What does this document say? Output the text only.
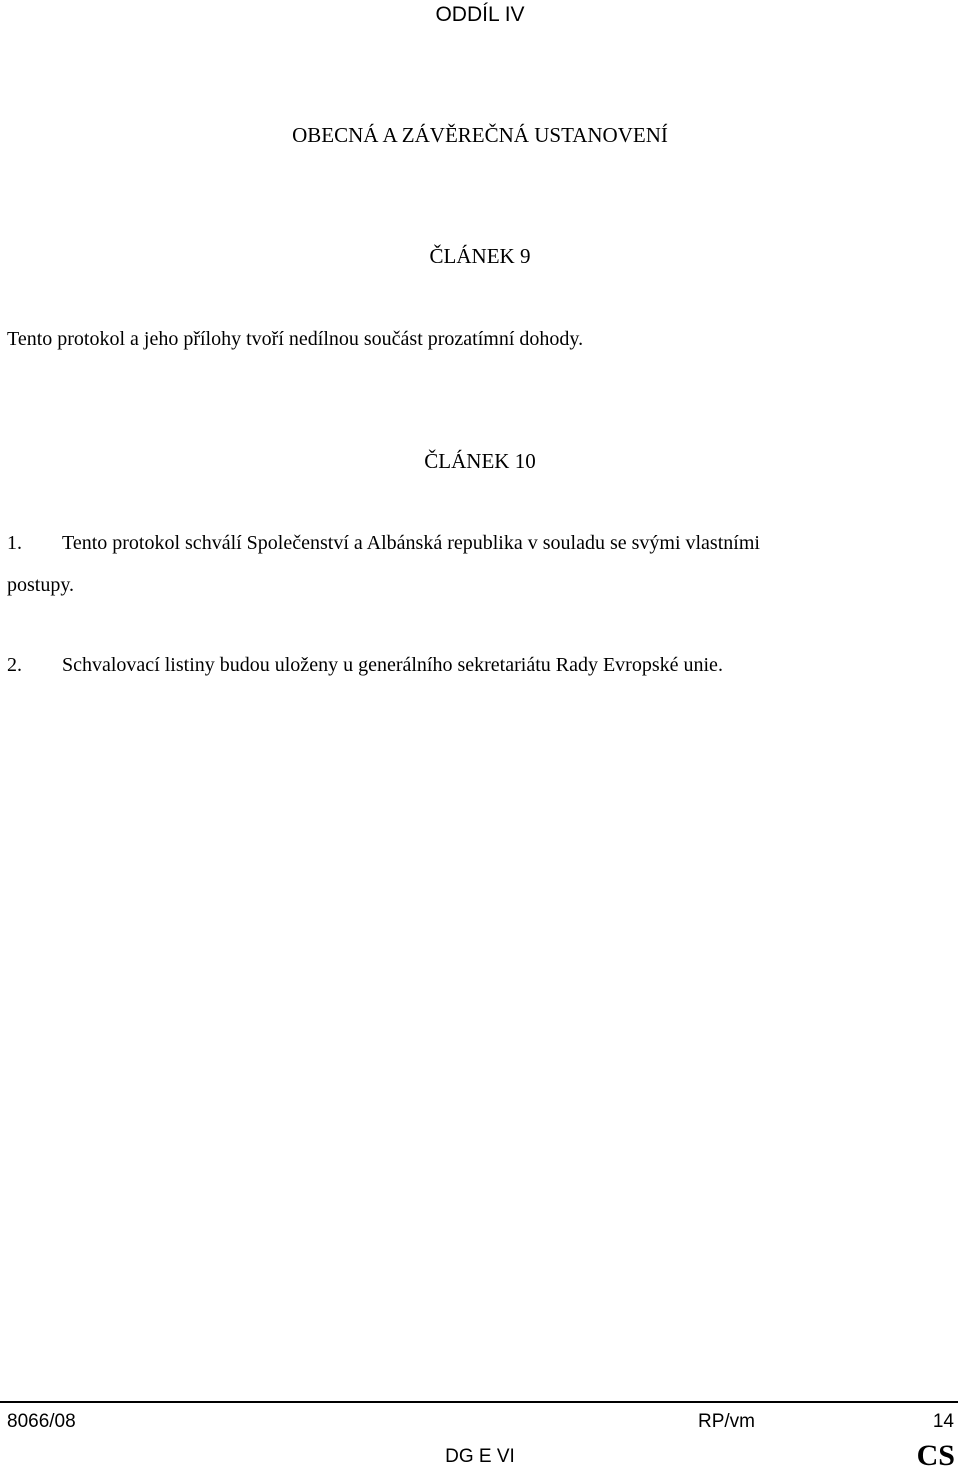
ODDÍL IV
OBECNÁ A ZÁVĚREČNÁ USTANOVENÍ
ČLÁNEK 9
Tento protokol a jeho přílohy tvoří nedílnou součást prozatímní dohody.
ČLÁNEK 10
1. Tento protokol schválí Společenství a Albánská republika v souladu se svými vlastními
postupy.
2. Schvalovací listiny budou uloženy u generálního sekretariátu Rady Evropské unie.
8066/08	RP/vm	14
DG E VI	CS
